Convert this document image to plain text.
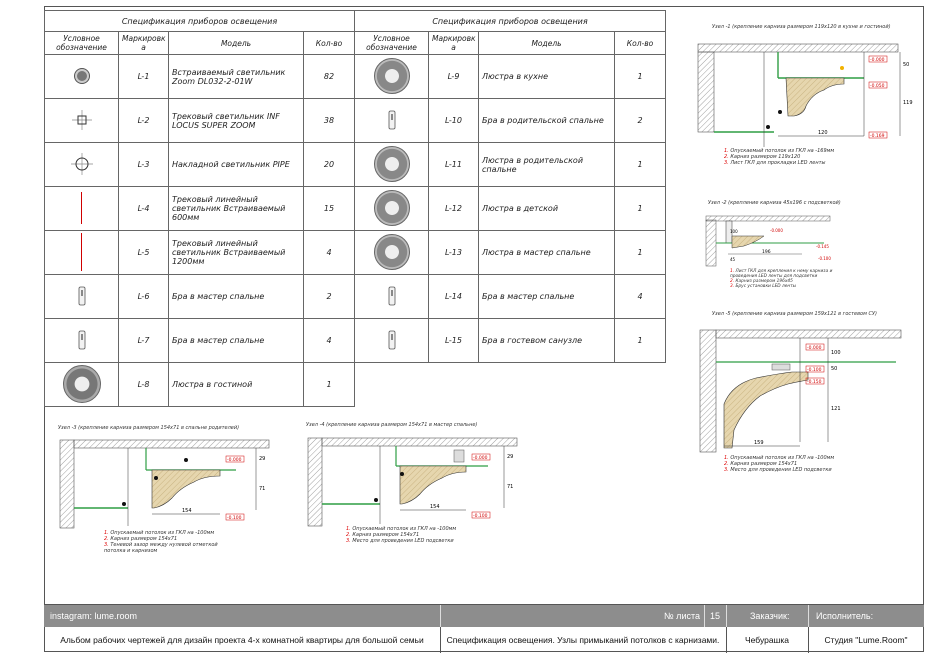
Спецификация приборов освещения			
Условное обозначение	Маркировк а	Модель	Кол-во
	L-1	Встраиваемый светильник Zoom DL032-2-01W	82
	L-2	Трековый светильник INF LOCUS SUPER ZOOM	38
	L-3	Накладной светильник PIPE	20
	L-4	Трековый линейный светильник Встраиваемый 600мм	15
	L-5	Трековый линейный светильник Встраиваемый 1200мм	4
	L-6	Бра в мастер спальне	2
	L-7	Бра в мастер спальне	4
	L-8	Люстра в гостиной	1
Спецификация приборов освещения			
Условное обозначение	Маркировк а	Модель	Кол-во
	L-9	Люстра в кухне	1
	L-10	Бра в родительской спальне	2
	L-11	Люстра в родительской спальне	1
	L-12	Люстра в детской	1
	L-13	Люстра в мастер спальне	1
	L-14	Бра в мастер спальне	4
	L-15	Бра в гостевом санузле	1
Узел -1 (крепление карниза размером 119х120 в кухне и гостиной)
120
50
119
-0.000
-0.050
-0.169
1. Опускаемый потолок из ГКЛ на -169мм
2. Карниз размером 119х120
3. Лист ГКЛ для прокладки LED ленты
Узел -2 (крепление карниза 45х196 с подсветкой)
196
100
45
-0.000
-0.145
-0.100
1. Лист ГКЛ для крепления к нему карниза и проведения LED ленты для подсветки
2. Карниз размером 196х45
3. Брус установки LED ленты
Узел -5 (крепление карниза размером 159х121 в гостевом СУ)
159
100
50
121
-0.000
-0.100
-0.150
1. Опускаемый потолок из ГКЛ на -100мм
2. Карниз размером 154х71
3. Место для проведения LED подсветки
Узел -3 (крепление карниза размером 154х71 в спальне родителей)
154
29
71
-0.000
-0.100
1. Опускаемый потолок из ГКЛ на -100мм
2. Карниз размером 154х71
3. Теневой зазор между нулевой отметкой потолка и карнизом
Узел -4 (крепление карниза размером 154х71 в мастер спальне)
154
29
71
-0.000
-0.100
1. Опускаемый потолок из ГКЛ на -100мм
2. Карниз размером 154х71
3. Место для проведения LED подсветки
instagram: lume.room	№ листа	15	Заказчик:	Исполнитель:
Альбом рабочих чертежей для дизайн проекта 4-х комнатной квартиры для большой семьи	Спецификация освещения. Узлы примыканий потолков с карнизами.	Чебурашка	Студия "Lume.Room"
